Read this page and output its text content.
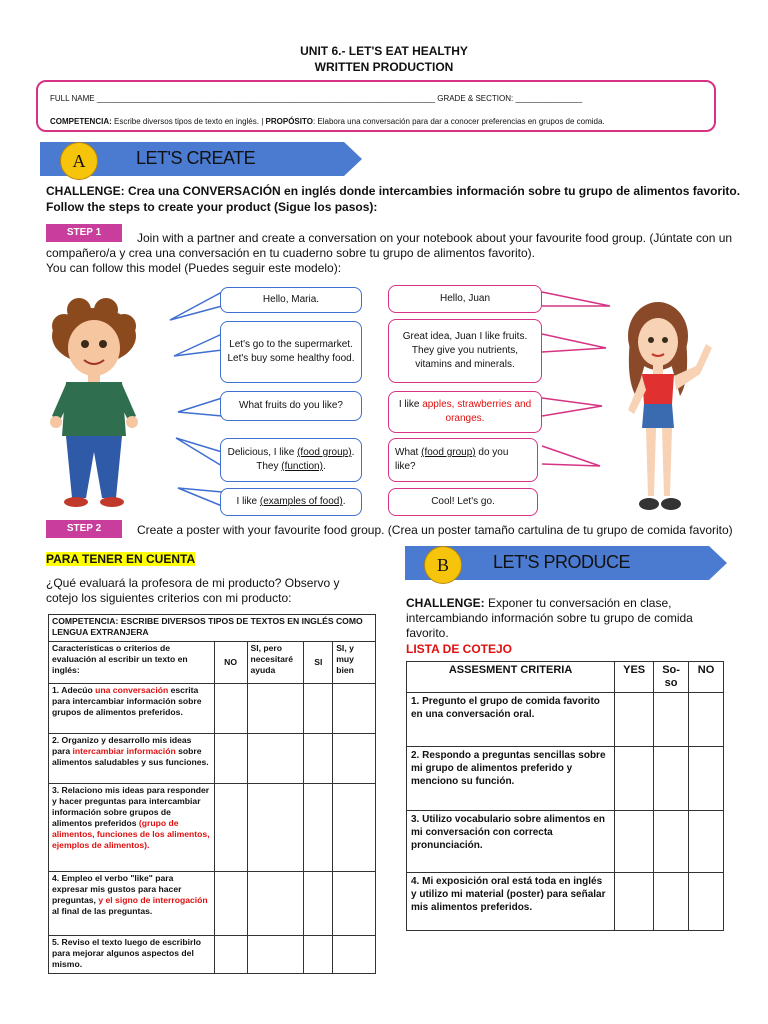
UNIT 6.- LET'S EAT HEALTHY
WRITTEN PRODUCTION
FULL NAME ____________________________________________________________________________ GRADE & SECTION: _______________
COMPETENCIA: Escribe diversos tipos de texto en inglés. | PROPÓSITO: Elabora una conversación para dar a conocer preferencias en grupos de comida.
LET'S CREATE
A
CHALLENGE: Crea una CONVERSACIÓN en inglés donde intercambies información sobre tu grupo de alimentos favorito.
Follow the steps to create your product (Sigue los pasos):
STEP 1	Join with a partner and create a conversation on your notebook about your favourite food group. (Júntate con un
compañero/a y crea una conversación en tu cuaderno sobre tu grupo de alimentos favorito).
You can follow this model (Puedes seguir este modelo):
Hello, Maria.
Let's go to the supermarket. Let's buy some healthy food.
What fruits do you like?
Delicious, I like (food group). They (function).
I like (examples of food).
Hello, Juan
Great idea, Juan I like fruits. They give you nutrients, vitamins and minerals.
I like apples, strawberries and oranges.
What (food group) do you like?
Cool! Let's go.
STEP 2	Create a poster with your favourite food group. (Crea un poster tamaño cartulina de tu grupo de comida favorito)
PARA TENER EN CUENTA
¿Qué evaluará la profesora de mi producto? Observo y
cotejo los siguientes criterios con mi producto:
COMPETENCIA: ESCRIBE DIVERSOS TIPOS DE TEXTOS EN INGLÉS COMO LENGUA EXTRANJERA				
Características o criterios de evaluación al escribir un texto en inglés:	NO	SI, pero necesitaré ayuda	SI	SI, y muy bien
1. Adecúo una conversación escrita para intercambiar información sobre grupos de alimentos preferidos.				
2. Organizo y desarrollo mis ideas para intercambiar información sobre alimentos saludables y sus funciones.				
3. Relaciono mis ideas para responder y hacer preguntas para intercambiar información sobre grupos de alimentos preferidos (grupo de alimentos, funciones de los alimentos, ejemplos de alimentos).				
4. Empleo el verbo "like" para expresar mis gustos para hacer preguntas, y el signo de interrogación al final de las preguntas.				
5. Reviso el texto luego de escribirlo para mejorar algunos aspectos del mismo.				
LET'S PRODUCE
B
CHALLENGE: Exponer tu conversación en clase, intercambiando información sobre tu grupo de comida favorito.
LISTA DE COTEJO
ASSESMENT CRITERIA	YES	So-so	NO
1. Pregunto el grupo de comida favorito en una conversación oral.			
2. Respondo a preguntas sencillas sobre mi grupo de alimentos preferido y menciono su función.			
3. Utilizo vocabulario sobre alimentos en mi conversación con correcta pronunciación.			
4. Mi exposición oral está toda en inglés y utilizo mi material (poster) para señalar mis alimentos preferidos.			
